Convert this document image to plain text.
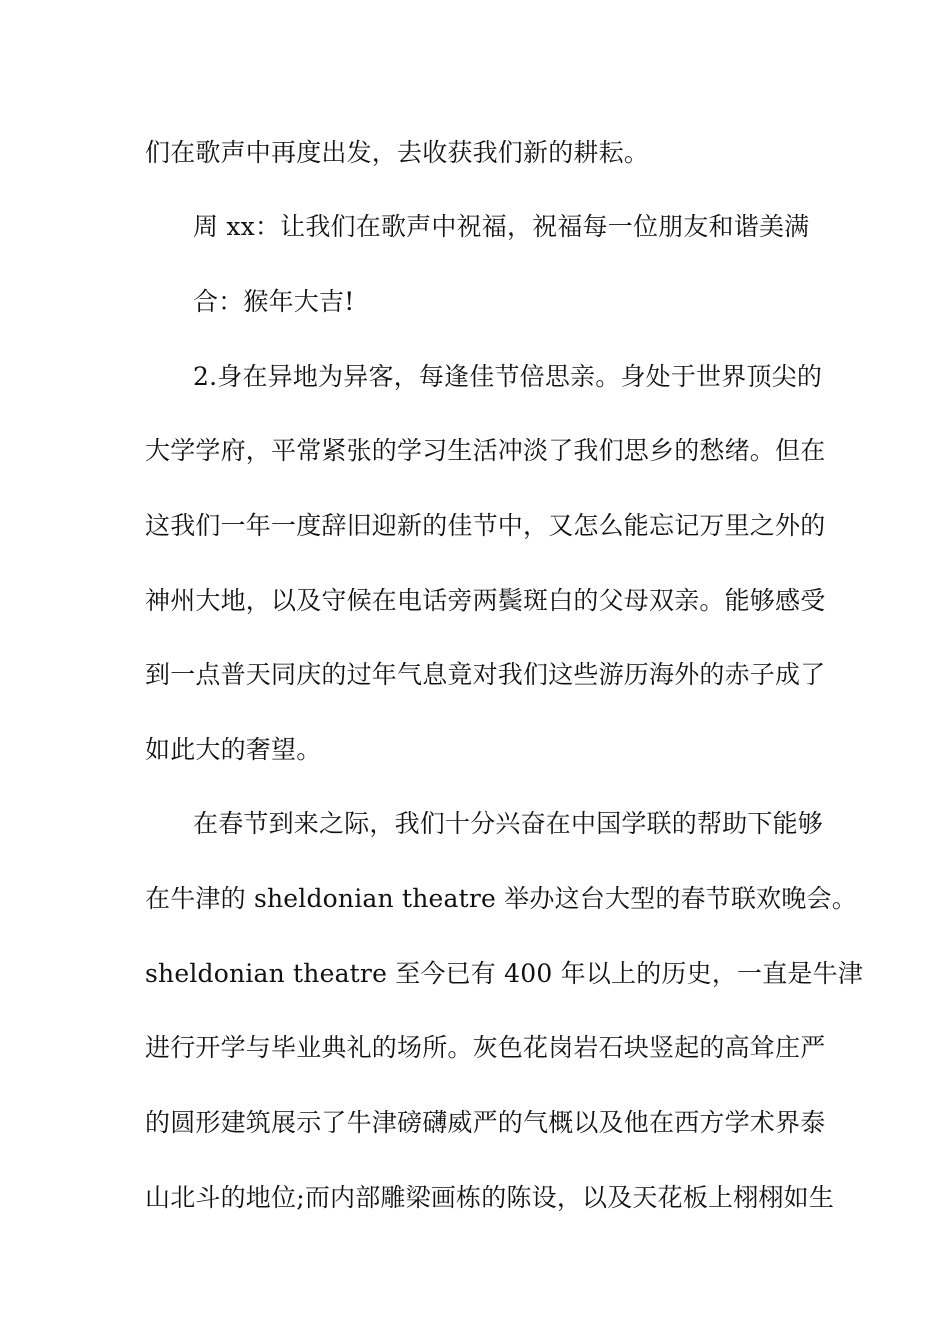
们在歌声中再度出发，去收获我们新的耕耘。
周 xx：让我们在歌声中祝福，祝福每一位朋友和谐美满
合：猴年大吉!
2.身在异地为异客，每逢佳节倍思亲。身处于世界顶尖的
大学学府，平常紧张的学习生活冲淡了我们思乡的愁绪。但在
这我们一年一度辞旧迎新的佳节中，又怎么能忘记万里之外的
神州大地，以及守候在电话旁两鬓斑白的父母双亲。能够感受
到一点普天同庆的过年气息竟对我们这些游历海外的赤子成了
如此大的奢望。
在春节到来之际，我们十分兴奋在中国学联的帮助下能够
在牛津的 sheldonian theatre 举办这台大型的春节联欢晚会。
sheldonian theatre 至今已有 400 年以上的历史，一直是牛津
进行开学与毕业典礼的场所。灰色花岗岩石块竖起的高耸庄严
的圆形建筑展示了牛津磅礴威严的气概以及他在西方学术界泰
山北斗的地位;而内部雕梁画栋的陈设，以及天花板上栩栩如生
